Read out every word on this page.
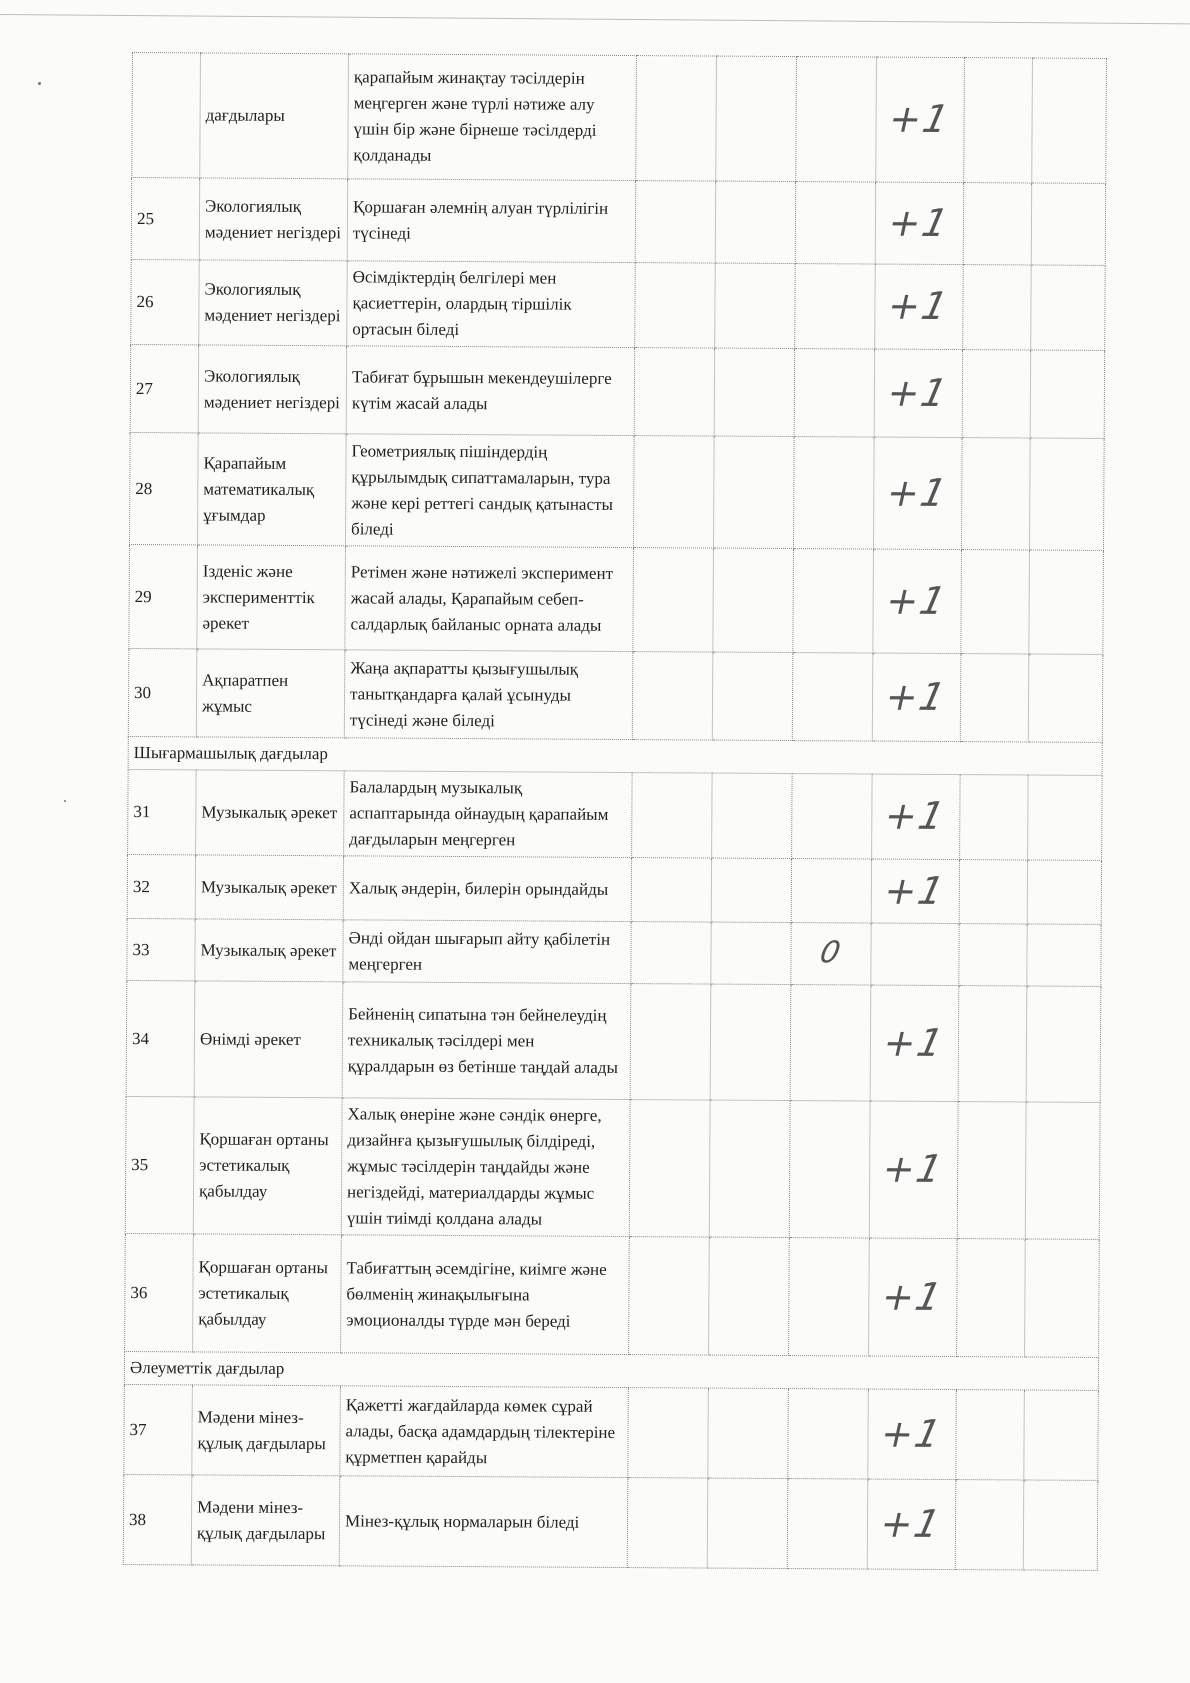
	дағдылары	қарапайым жинақтау тәсілдерін меңгерген және түрлі нәтиже алу үшін бір және бірнеше тәсілдерді қолданады				+1		
25	Экологиялық мәдениет негіздері	Қоршаған әлемнің алуан түрлілігін түсінеді				+1		
26	Экологиялық мәдениет негіздері	Өсімдіктердің белгілері мен қасиеттерін, олардың тіршілік ортасын біледі				+1		
27	Экологиялық мәдениет негіздері	Табиғат бұрышын мекендеушілерге күтім жасай алады				+1		
28	Қарапайым математикалық ұғымдар	Геометриялық пішіндердің құрылымдық сипаттамаларын, тура және кері реттегі сандық қатынасты біледі				+1		
29	Ізденіс және эксперименттік әрекет	Ретімен және нәтижелі эксперимент жасай алады, Қарапайым себеп-салдарлық байланыс орната алады				+1		
30	Ақпаратпен жұмыс	Жаңа ақпаратты қызығушылық танытқандарға қалай ұсынуды түсінеді және біледі				+1		
Шығармашылық дағдылар								
31	Музыкалық әрекет	Балалардың музыкалық аспаптарында ойнаудың қарапайым дағдыларын меңгерген				+1		
32	Музыкалық әрекет	Халық әндерін, билерін орындайды				+1		
33	Музыкалық әрекет	Әнді ойдан шығарып айту қабілетін меңгерген			0			
34	Өнімді әрекет	Бейненің сипатына тән бейнелеудің техникалық тәсілдері мен құралдарын өз бетінше таңдай алады				+1		
35	Қоршаған ортаны эстетикалық қабылдау	Халық өнеріне және сәндік өнерге, дизайнға қызығушылық білдіреді, жұмыс тәсілдерін таңдайды және негіздейді, материалдарды жұмыс үшін тиімді қолдана алады				+1		
36	Қоршаған ортаны эстетикалық қабылдау	Табиғаттың әсемдігіне, киімге және бөлменің жинақылығына эмоционалды түрде мән береді				+1		
Әлеуметтік дағдылар								
37	Мәдени мінез-құлық дағдылары	Қажетті жағдайларда көмек сұрай алады, басқа адамдардың тілектеріне құрметпен қарайды				+1		
38	Мәдени мінез-құлық дағдылары	Мінез-құлық нормаларын біледі				+1		
